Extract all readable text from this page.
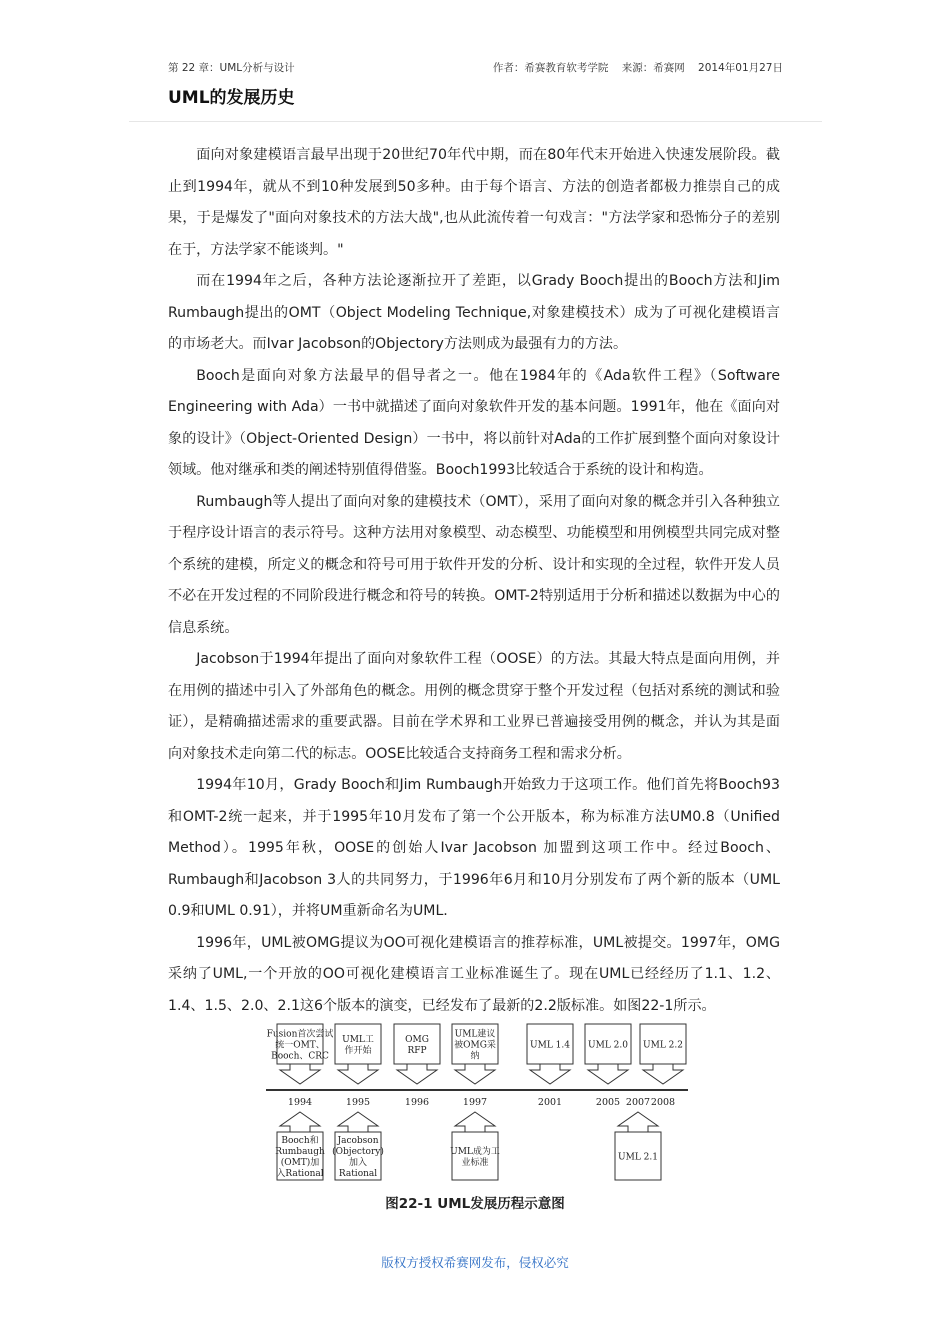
第 22 章：UML分析与设计	作者：希赛教育软考学院    来源：希赛网    2014年01月27日
UML的发展历史

面向对象建模语言最早出现于20世纪70年代中期，而在80年代末开始进入快速发展阶段。截止到1994年，就从不到10种发展到50多种。由于每个语言、方法的创造者都极力推崇自己的成果，于是爆发了"面向对象技术的方法大战",也从此流传着一句戏言："方法学家和恐怖分子的差别在于，方法学家不能谈判。"

而在1994年之后，各种方法论逐渐拉开了差距，以Grady Booch提出的Booch方法和Jim Rumbaugh提出的OMT（Object Modeling Technique,对象建模技术）成为了可视化建模语言的市场老大。而Ivar Jacobson的Objectory方法则成为最强有力的方法。

Booch是面向对象方法最早的倡导者之一。他在1984年的《Ada软件工程》（Software Engineering with Ada）一书中就描述了面向对象软件开发的基本问题。1991年，他在《面向对象的设计》（Object-Oriented Design）一书中，将以前针对Ada的工作扩展到整个面向对象设计领域。他对继承和类的阐述特别值得借鉴。Booch1993比较适合于系统的设计和构造。

Rumbaugh等人提出了面向对象的建模技术（OMT），采用了面向对象的概念并引入各种独立于程序设计语言的表示符号。这种方法用对象模型、动态模型、功能模型和用例模型共同完成对整个系统的建模，所定义的概念和符号可用于软件开发的分析、设计和实现的全过程，软件开发人员不必在开发过程的不同阶段进行概念和符号的转换。OMT-2特别适用于分析和描述以数据为中心的信息系统。

Jacobson于1994年提出了面向对象软件工程（OOSE）的方法。其最大特点是面向用例，并在用例的描述中引入了外部角色的概念。用例的概念贯穿于整个开发过程（包括对系统的测试和验证），是精确描述需求的重要武器。目前在学术界和工业界已普遍接受用例的概念，并认为其是面向对象技术走向第二代的标志。OOSE比较适合支持商务工程和需求分析。

1994年10月，Grady Booch和Jim Rumbaugh开始致力于这项工作。他们首先将Booch93和OMT-2统一起来，并于1995年10月发布了第一个公开版本，称为标准方法UM0.8（Unified Method）。1995年秋，OOSE的创始人Ivar Jacobson 加盟到这项工作中。经过Booch、Rumbaugh和Jacobson 3人的共同努力，于1996年6月和10月分别发布了两个新的版本（UML 0.9和UML 0.91），并将UM重新命名为UML.

1996年，UML被OMG提议为OO可视化建模语言的推荐标准，UML被提交。1997年，OMG采纳了UML,一个开放的OO可视化建模语言工业标准诞生了。现在UML已经经历了1.1、1.2、1.4、1.5、2.0、2.1这6个版本的演变，已经发布了最新的2.2版标准。如图22-1所示。

1994	1995	1996	1997	2001	2005 2007 2008
Fusion首次尝试
统一OMT、
Booch、CRC
UML工
作开始
OMG
RFP
UML建议
被OMG采
纳
UML 1.4 UML 2.0 UML 2.2
Booch和
Rumbaugh
(OMT)加
入Rational
Jacobson
(Objectory)
加入
Rational
UML成为工
业标准
UML 2.1
图22-1 UML发展历程示意图
版权方授权希赛网发布，侵权必究
